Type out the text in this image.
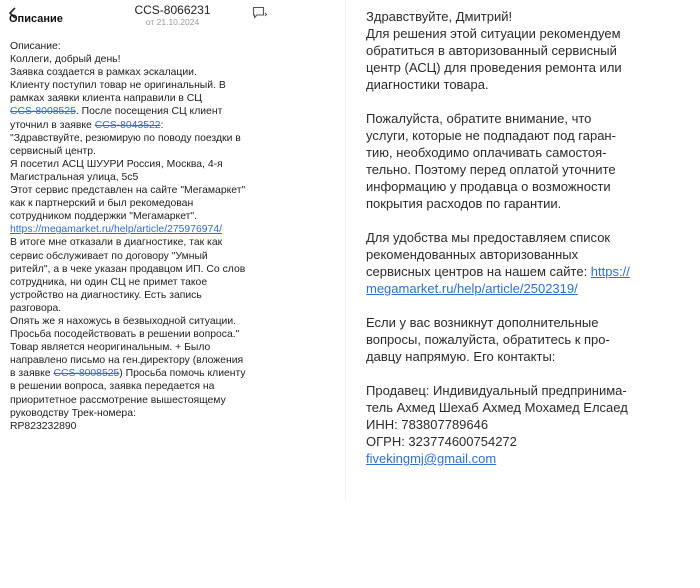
Описание
CCS-8066231
от 21.10.2024
Описание:
Коллеги, добрый день!
Заявка создается в рамках эскалации.
Клиенту поступил товар не оригинальный. В
рамках заявки клиента направили в СЦ
CCS-8008525. После посещения СЦ клиент
уточнил в заявке CCS-8043522:
"Здравствуйте, резюмирую по поводу поездки в
сервисный центр.
Я посетил АСЦ ШУУРИ Россия, Москва, 4-я
Магистральная улица, 5с5
Этот сервис представлен на сайте "Мегамаркет"
как к партнерский и был рекомедован
сотрудником поддержки "Мегамаркет".
https://megamarket.ru/help/article/275976974/
В итоге мне отказали в диагностике, так как
сервис обслуживает по договору "Умный
ритейл", а в чеке указан продавцом ИП. Со слов
сотрудника, ни один СЦ не примет такое
устройство на диагностику. Есть запись
разговора.
Опять же я нахожусь в безвыходной ситуации.
Просьба посодействовать в решении вопроса."
Товар является неоригинальным. + Было
направлено письмо на ген.директору (вложения
в заявке CCS-8008525) Просьба помочь клиенту
в решении вопроса, заявка передается на
приоритетное рассмотрение вышестоящему
руководству Трек-номера:
RP823232890
Здравствуйте, Дмитрий!
Для решения этой ситуации рекомендуем
обратиться в авторизованный сервисный
центр (АСЦ) для проведения ремонта или
диагностики товара.
Пожалуйста, обратите внимание, что
услуги, которые не подпадают под гаран-
тию, необходимо оплачивать самостоя-
тельно. Поэтому перед оплатой уточните
информацию у продавца о возможности
покрытия расходов по гарантии.
Для удобства мы предоставляем список
рекомендованных авторизованных
сервисных центров на нашем сайте: https://
megamarket.ru/help/article/2502319/
Если у вас возникнут дополнительные
вопросы, пожалуйста, обратитесь к про-
давцу напрямую. Его контакты:
Продавец: Индивидуальный предпринима-
тель Ахмед Шехаб Ахмед Мохамед Елсаед
ИНН: 783807789646
ОГРН: 323774600754272
fivekingmj@gmail.com
